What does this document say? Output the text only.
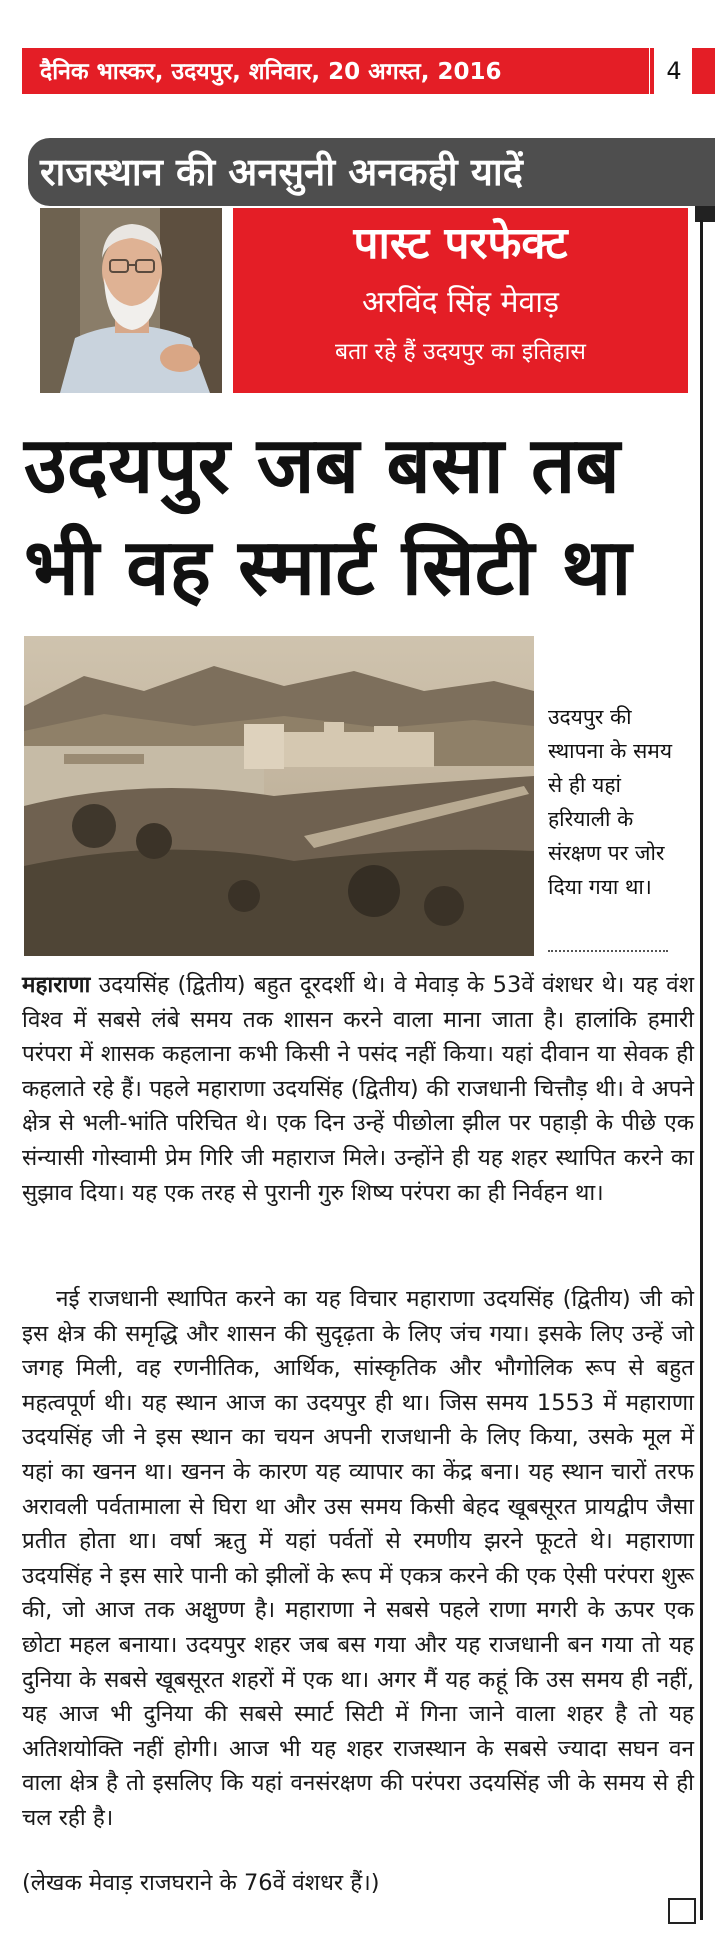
दैनिक भास्कर, उदयपुर, शनिवार, 20 अगस्त, 2016	4
राजस्थान की अनसुनी अनकही यादें
पास्ट परफेक्ट
अरविंद सिंह मेवाड़
बता रहे हैं उदयपुर का इतिहास
उदयपुर जब बसा तब भी वह स्मार्ट सिटी था
उदयपुर की स्थापना के समय से ही यहां हरियाली के संरक्षण पर जोर दिया गया था।
महाराणा उदयसिंह (द्वितीय) बहुत दूरदर्शी थे। वे मेवाड़ के 53वें वंशधर थे। यह वंश विश्व में सबसे लंबे समय तक शासन करने वाला माना जाता है। हालांकि हमारी परंपरा में शासक कहलाना कभी किसी ने पसंद नहीं किया। यहां दीवान या सेवक ही कहलाते रहे हैं। पहले महाराणा उदयसिंह (द्वितीय) की राजधानी चित्तौड़ थी। वे अपने क्षेत्र से भली-भांति परिचित थे। एक दिन उन्हें पीछोला झील पर पहाड़ी के पीछे एक संन्यासी गोस्वामी प्रेम गिरि जी महाराज मिले। उन्होंने ही यह शहर स्थापित करने का सुझाव दिया। यह एक तरह से पुरानी गुरु शिष्य परंपरा का ही निर्वहन था।
नई राजधानी स्थापित करने का यह विचार महाराणा उदयसिंह (द्वितीय) जी को इस क्षेत्र की समृद्धि और शासन की सुदृढ़ता के लिए जंच गया। इसके लिए उन्हें जो जगह मिली, वह रणनीतिक, आर्थिक, सांस्कृतिक और भौगोलिक रूप से बहुत महत्वपूर्ण थी। यह स्थान आज का उदयपुर ही था। जिस समय 1553 में महाराणा उदयसिंह जी ने इस स्थान का चयन अपनी राजधानी के लिए किया, उसके मूल में यहां का खनन था। खनन के कारण यह व्यापार का केंद्र बना। यह स्थान चारों तरफ अरावली पर्वतामाला से घिरा था और उस समय किसी बेहद खूबसूरत प्रायद्वीप जैसा प्रतीत होता था। वर्षा ऋतु में यहां पर्वतों से रमणीय झरने फूटते थे। महाराणा उदयसिंह ने इस सारे पानी को झीलों के रूप में एकत्र करने की एक ऐसी परंपरा शुरू की, जो आज तक अक्षुण्ण है। महाराणा ने सबसे पहले राणा मगरी के ऊपर एक छोटा महल बनाया। उदयपुर शहर जब बस गया और यह राजधानी बन गया तो यह दुनिया के सबसे खूबसूरत शहरों में एक था। अगर मैं यह कहूं कि उस समय ही नहीं, यह आज भी दुनिया की सबसे स्मार्ट सिटी में गिना जाने वाला शहर है तो यह अतिशयोक्ति नहीं होगी। आज भी यह शहर राजस्थान के सबसे ज्यादा सघन वन वाला क्षेत्र है तो इसलिए कि यहां वनसंरक्षण की परंपरा उदयसिंह जी के समय से ही चल रही है।
(लेखक मेवाड़ राजघराने के 76वें वंशधर हैं।)
